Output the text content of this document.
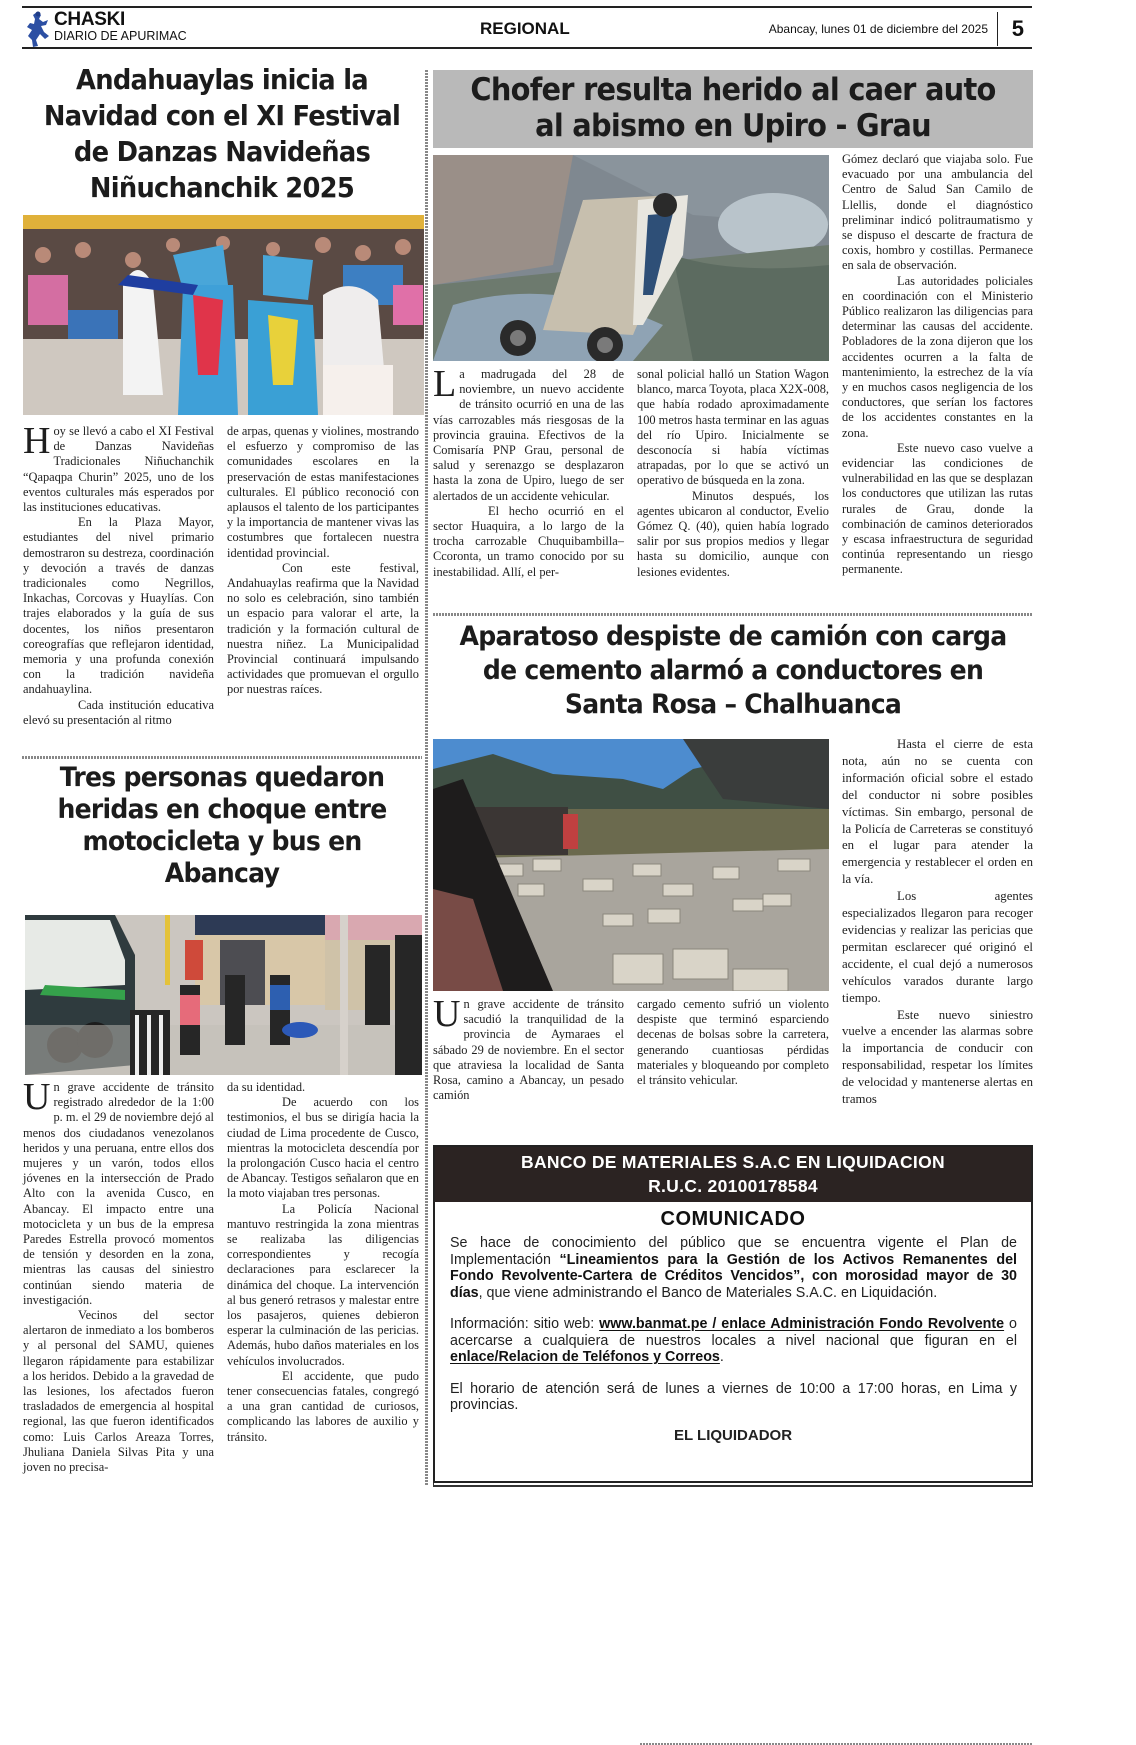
CHASKI
DIARIO DE APURIMAC	REGIONAL	Abancay, lunes 01 de diciembre del 2025 5
Andahuaylas inicia la Navidad con el XI Festival de Danzas Navideñas Niñuchanchik 2025

Hoy se llevó a cabo el XI Festival de Danzas Navideñas Tradicionales Niñuchanchik “Qapaqpa Churin” 2025, uno de los eventos culturales más esperados por las instituciones educativas.

En la Plaza Mayor, estudiantes del nivel primario demostraron su destreza, coordinación y devoción a través de danzas tradicionales como Negrillos, Inkachas, Corcovas y Huaylías. Con trajes elaborados y la guía de sus docentes, los niños presentaron coreografías que reflejaron identidad, memoria y una profunda conexión con la tradición navideña andahuaylina.

Cada institución educativa elevó su presentación al ritmo

de arpas, quenas y violines, mostrando el esfuerzo y compromiso de las comunidades escolares en la preservación de estas manifestaciones culturales. El público reconoció con aplausos el talento de los participantes y la importancia de mantener vivas las costumbres que fortalecen nuestra identidad provincial.

Con este festival, Andahuaylas reafirma que la Navidad no solo es celebración, sino también un espacio para valorar el arte, la tradición y la formación cultural de nuestra niñez. La Municipalidad Provincial continuará impulsando actividades que promuevan el orgullo por nuestras raíces.

Chofer resulta herido al caer auto al abismo en Upiro - Grau

La madrugada del 28 de noviembre, un nuevo accidente de tránsito ocurrió en una de las vías carrozables más riesgosas de la provincia grauina. Efectivos de la Comisaría PNP Grau, personal de salud y serenazgo se desplazaron hasta la zona de Upiro, luego de ser alertados de un accidente vehicular.

El hecho ocurrió en el sector Huaquira, a lo largo de la trocha carrozable Chuquibambilla–Ccoronta, un tramo conocido por su inestabilidad. Allí, el per-

sonal policial halló un Station Wagon blanco, marca Toyota, placa X2X-008, que había rodado aproximadamente 100 metros hasta terminar en las aguas del río Upiro. Inicialmente se desconocía si había víctimas atrapadas, por lo que se activó un operativo de búsqueda en la zona.

Minutos después, los agentes ubicaron al conductor, Evelio Gómez Q. (40), quien había logrado salir por sus propios medios y llegar hasta su domicilio, aunque con lesiones evidentes.

Gómez declaró que viajaba solo. Fue evacuado por una ambulancia del Centro de Salud San Camilo de Llellis, donde el diagnóstico preliminar indicó politraumatismo y se dispuso el descarte de fractura de coxis, hombro y costillas. Permanece en sala de observación.

Las autoridades policiales en coordinación con el Ministerio Público realizaron las diligencias para determinar las causas del accidente. Pobladores de la zona dijeron que los accidentes ocurren a la falta de mantenimiento, la estrechez de la vía y en muchos casos negligencia de los conductores, que serían los factores de los accidentes constantes en la zona.

Este nuevo caso vuelve a evidenciar las condiciones de vulnerabilidad en las que se desplazan los conductores que utilizan las rutas rurales de Grau, donde la combinación de caminos deteriorados y escasa infraestructura de seguridad continúa representando un riesgo permanente.

Aparatoso despiste de camión con carga de cemento alarmó a conductores en Santa Rosa – Chalhuanca

Un grave accidente de tránsito sacudió la tranquilidad de la provincia de Aymaraes el sábado 29 de noviembre. En el sector que atraviesa la localidad de Santa Rosa, camino a Abancay, un pesado camión

cargado cemento sufrió un violento despiste que terminó esparciendo decenas de bolsas sobre la carretera, generando cuantiosas pérdidas materiales y bloqueando por completo el tránsito vehicular.

Hasta el cierre de esta nota, aún no se cuenta con información oficial sobre el estado del conductor ni sobre posibles víctimas. Sin embargo, personal de la Policía de Carreteras se constituyó en el lugar para atender la emergencia y restablecer el orden en la vía.

Los agentes especializados llegaron para recoger evidencias y realizar las pericias que permitan esclarecer qué originó el accidente, el cual dejó a numerosos vehículos varados durante largo tiempo.

Este nuevo siniestro vuelve a encender las alarmas sobre la importancia de conducir con responsabilidad, respetar los límites de velocidad y mantenerse alertas en tramos

Tres personas quedaron heridas en choque entre motocicleta y bus en Abancay

Un grave accidente de tránsito registrado alrededor de la 1:00 p. m. el 29 de noviembre dejó al menos dos ciudadanos venezolanos heridos y una peruana, entre ellos dos mujeres y un varón, todos ellos jóvenes en la intersección de Prado Alto con la avenida Cusco, en Abancay. El impacto entre una motocicleta y un bus de la empresa Paredes Estrella provocó momentos de tensión y desorden en la zona, mientras las causas del siniestro continúan siendo materia de investigación.

Vecinos del sector alertaron de inmediato a los bomberos y al personal del SAMU, quienes llegaron rápidamente para estabilizar a los heridos. Debido a la gravedad de las lesiones, los afectados fueron trasladados de emergencia al hospital regional, las que fueron identificados como: Luis Carlos Areaza Torres, Jhuliana Daniela Silvas Pita y una joven no precisa-

da su identidad.

De acuerdo con los testimonios, el bus se dirigía hacia la ciudad de Lima procedente de Cusco, mientras la motocicleta descendía por la prolongación Cusco hacia el centro de Abancay. Testigos señalaron que en la moto viajaban tres personas.

La Policía Nacional mantuvo restringida la zona mientras se realizaba las diligencias correspondientes y recogía declaraciones para esclarecer la dinámica del choque. La intervención al bus generó retrasos y malestar entre los pasajeros, quienes debieron esperar la culminación de las pericias. Además, hubo daños materiales en los vehículos involucrados.

El accidente, que pudo tener consecuencias fatales, congregó a una gran cantidad de curiosos, complicando las labores de auxilio y tránsito.

BANCO DE MATERIALES S.A.C EN LIQUIDACION
R.U.C. 20100178584
COMUNICADO

Se hace de conocimiento del público que se encuentra vigente el Plan de Implementación “Lineamientos para la Gestión de los Activos Remanentes del Fondo Revolvente-Cartera de Créditos Vencidos”, con morosidad mayor de 30 días, que viene administrando el Banco de Materiales S.A.C. en Liquidación.

Información: sitio web: www.banmat.pe / enlace Administración Fondo Revolvente o acercarse a cualquiera de nuestros locales a nivel nacional que figuran en el enlace/Relacion de Teléfonos y Correos.

El horario de atención será de lunes a viernes de 10:00 a 17:00 horas, en Lima y provincias.

EL LIQUIDADOR
